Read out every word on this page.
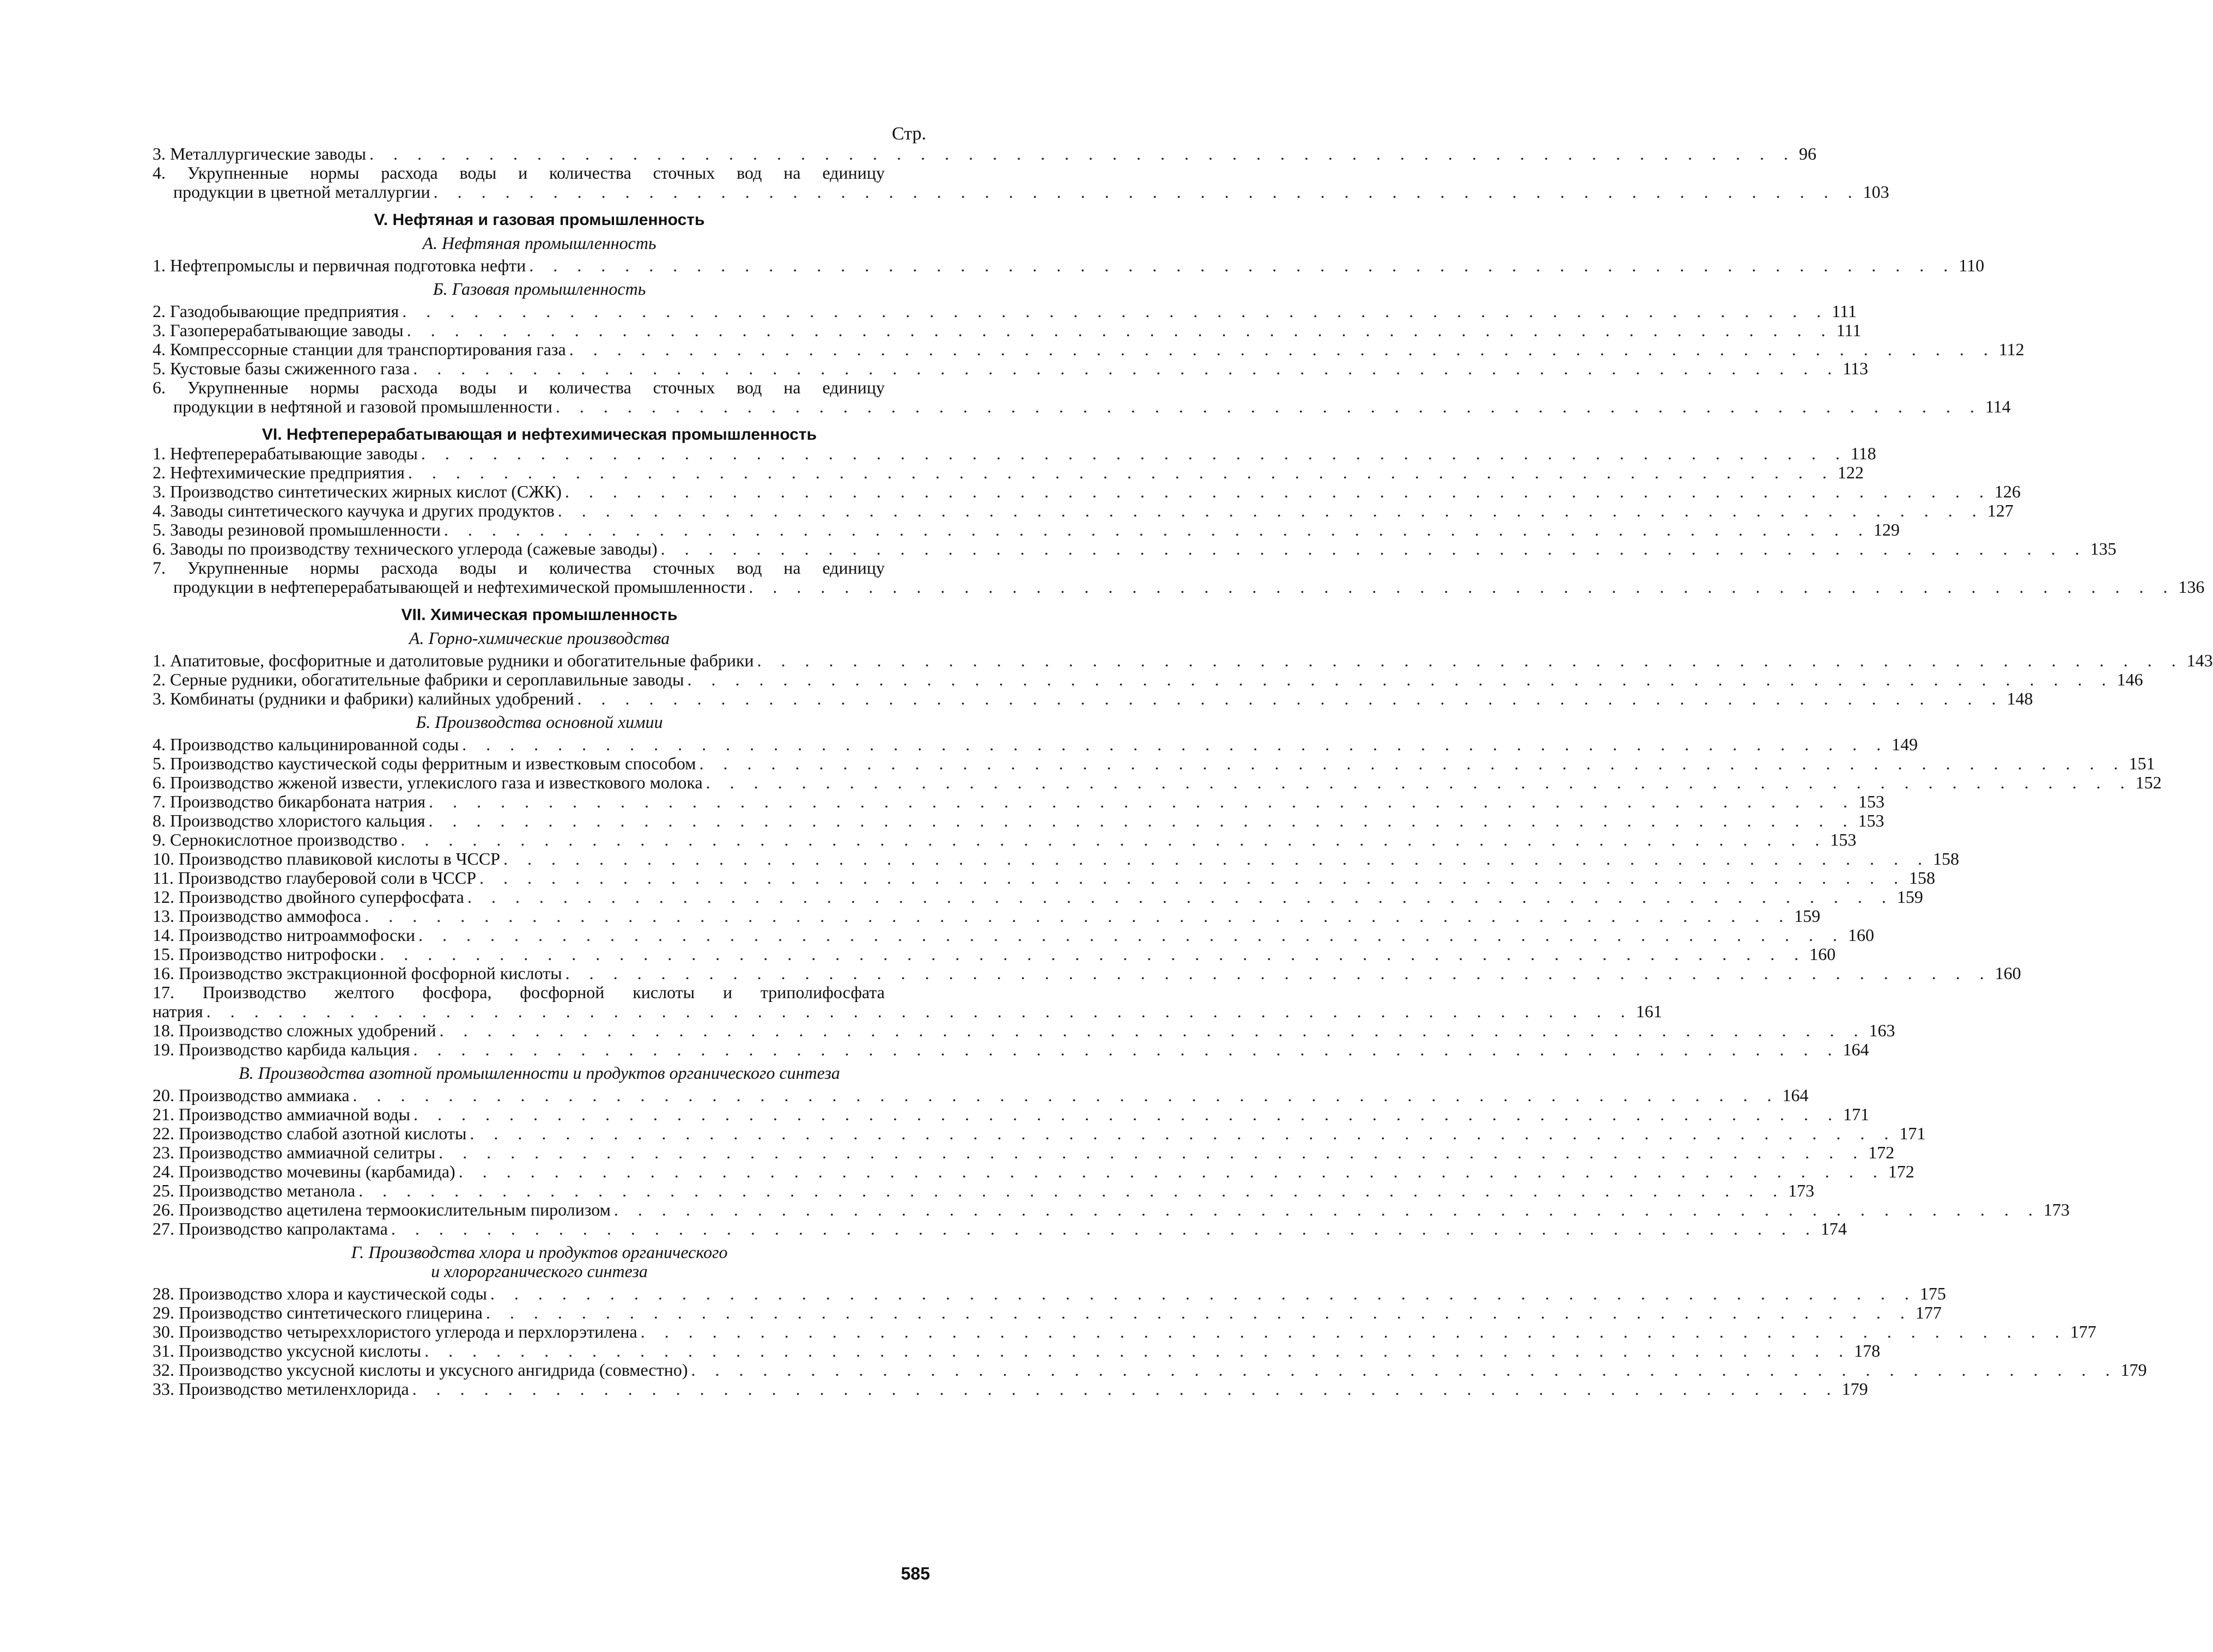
Стр.
3. Металлургические заводы . . . . . . . . . . . . . . . . . . . . . . . . . . . . . . . . . . . . . . . . . . . . . . . . . . . . . . . . . . . . 96
4. Укрупненные нормы расхода воды и количества сточных вод на единицу
продукции в цветной металлургии . . . . . . . . . . . . . . . . . . . . . . . . . . . . . . . . . . . . . . . . . . . . . . . . . . . . . . . . . . . . 103
V. Нефтяная и газовая промышленность
А. Нефтяная промышленность
1. Нефтепромыслы и первичная подготовка нефти . . . . . . . . . . . . . . . . . . . . . . . . . . . . . . . . . . . . . . . . . . . . . . . . . . . . . . . . . . . . 110
Б. Газовая промышленность
2. Газодобывающие предприятия . . . . . . . . . . . . . . . . . . . . . . . . . . . . . . . . . . . . . . . . . . . . . . . . . . . . . . . . . . . . 111
3. Газоперерабатывающие заводы . . . . . . . . . . . . . . . . . . . . . . . . . . . . . . . . . . . . . . . . . . . . . . . . . . . . . . . . . . . . 111
4. Компрессорные станции для транспортирования газа . . . . . . . . . . . . . . . . . . . . . . . . . . . . . . . . . . . . . . . . . . . . . . . . . . . . . . . . . . . . 112
5. Кустовые базы сжиженного газа . . . . . . . . . . . . . . . . . . . . . . . . . . . . . . . . . . . . . . . . . . . . . . . . . . . . . . . . . . . . 113
6. Укрупненные нормы расхода воды и количества сточных вод на единицу
продукции в нефтяной и газовой промышленности . . . . . . . . . . . . . . . . . . . . . . . . . . . . . . . . . . . . . . . . . . . . . . . . . . . . . . . . . . . . 114
VI. Нефтеперерабатывающая и нефтехимическая промышленность
1. Нефтеперерабатывающие заводы . . . . . . . . . . . . . . . . . . . . . . . . . . . . . . . . . . . . . . . . . . . . . . . . . . . . . . . . . . . . 118
2. Нефтехимические предприятия . . . . . . . . . . . . . . . . . . . . . . . . . . . . . . . . . . . . . . . . . . . . . . . . . . . . . . . . . . . . 122
3. Производство синтетических жирных кислот (СЖК) . . . . . . . . . . . . . . . . . . . . . . . . . . . . . . . . . . . . . . . . . . . . . . . . . . . . . . . . . . . . 126
4. Заводы синтетического каучука и других продуктов . . . . . . . . . . . . . . . . . . . . . . . . . . . . . . . . . . . . . . . . . . . . . . . . . . . . . . . . . . . . 127
5. Заводы резиновой промышленности . . . . . . . . . . . . . . . . . . . . . . . . . . . . . . . . . . . . . . . . . . . . . . . . . . . . . . . . . . . . 129
6. Заводы по производству технического углерода (сажевые заводы) . . . . . . . . . . . . . . . . . . . . . . . . . . . . . . . . . . . . . . . . . . . . . . . . . . . . . . . . . . . . 135
7. Укрупненные нормы расхода воды и количества сточных вод на единицу
продукции в нефтеперерабатывающей и нефтехимической промышленности . . . . . . . . . . . . . . . . . . . . . . . . . . . . . . . . . . . . . . . . . . . . . . . . . . . . . . . . . . . . 136
VII. Химическая промышленность
А. Горно-химические производства
1. Апатитовые, фосфоритные и датолитовые рудники и обогатительные фабрики . . . . . . . . . . . . . . . . . . . . . . . . . . . . . . . . . . . . . . . . . . . . . . . . . . . . . . . . . . . . 143
2. Серные рудники, обогатительные фабрики и сероплавильные заводы . . . . . . . . . . . . . . . . . . . . . . . . . . . . . . . . . . . . . . . . . . . . . . . . . . . . . . . . . . . . 146
3. Комбинаты (рудники и фабрики) калийных удобрений . . . . . . . . . . . . . . . . . . . . . . . . . . . . . . . . . . . . . . . . . . . . . . . . . . . . . . . . . . . . 148
Б. Производства основной химии
4. Производство кальцинированной соды . . . . . . . . . . . . . . . . . . . . . . . . . . . . . . . . . . . . . . . . . . . . . . . . . . . . . . . . . . . . 149
5. Производство каустической соды ферритным и известковым способом . . . . . . . . . . . . . . . . . . . . . . . . . . . . . . . . . . . . . . . . . . . . . . . . . . . . . . . . . . . . 151
6. Производство жженой извести, углекислого газа и известкового молока . . . . . . . . . . . . . . . . . . . . . . . . . . . . . . . . . . . . . . . . . . . . . . . . . . . . . . . . . . . . 152
7. Производство бикарбоната натрия . . . . . . . . . . . . . . . . . . . . . . . . . . . . . . . . . . . . . . . . . . . . . . . . . . . . . . . . . . . . 153
8. Производство хлористого кальция . . . . . . . . . . . . . . . . . . . . . . . . . . . . . . . . . . . . . . . . . . . . . . . . . . . . . . . . . . . . 153
9. Сернокислотное производство . . . . . . . . . . . . . . . . . . . . . . . . . . . . . . . . . . . . . . . . . . . . . . . . . . . . . . . . . . . . 153
10. Производство плавиковой кислоты в ЧССР . . . . . . . . . . . . . . . . . . . . . . . . . . . . . . . . . . . . . . . . . . . . . . . . . . . . . . . . . . . . 158
11. Производство глауберовой соли в ЧССР . . . . . . . . . . . . . . . . . . . . . . . . . . . . . . . . . . . . . . . . . . . . . . . . . . . . . . . . . . . . 158
12. Производство двойного суперфосфата . . . . . . . . . . . . . . . . . . . . . . . . . . . . . . . . . . . . . . . . . . . . . . . . . . . . . . . . . . . . 159
13. Производство аммофоса . . . . . . . . . . . . . . . . . . . . . . . . . . . . . . . . . . . . . . . . . . . . . . . . . . . . . . . . . . . . 159
14. Производство нитроаммофоски . . . . . . . . . . . . . . . . . . . . . . . . . . . . . . . . . . . . . . . . . . . . . . . . . . . . . . . . . . . . 160
15. Производство нитрофоски . . . . . . . . . . . . . . . . . . . . . . . . . . . . . . . . . . . . . . . . . . . . . . . . . . . . . . . . . . . . 160
16. Производство экстракционной фосфорной кислоты . . . . . . . . . . . . . . . . . . . . . . . . . . . . . . . . . . . . . . . . . . . . . . . . . . . . . . . . . . . . 160
17. Производство желтого фосфора, фосфорной кислоты и триполифосфата
натрия . . . . . . . . . . . . . . . . . . . . . . . . . . . . . . . . . . . . . . . . . . . . . . . . . . . . . . . . . . . . 161
18. Производство сложных удобрений . . . . . . . . . . . . . . . . . . . . . . . . . . . . . . . . . . . . . . . . . . . . . . . . . . . . . . . . . . . . 163
19. Производство карбида кальция . . . . . . . . . . . . . . . . . . . . . . . . . . . . . . . . . . . . . . . . . . . . . . . . . . . . . . . . . . . . 164
В. Производства азотной промышленности и продуктов органического синтеза
20. Производство аммиака . . . . . . . . . . . . . . . . . . . . . . . . . . . . . . . . . . . . . . . . . . . . . . . . . . . . . . . . . . . . 164
21. Производство аммиачной воды . . . . . . . . . . . . . . . . . . . . . . . . . . . . . . . . . . . . . . . . . . . . . . . . . . . . . . . . . . . . 171
22. Производство слабой азотной кислоты . . . . . . . . . . . . . . . . . . . . . . . . . . . . . . . . . . . . . . . . . . . . . . . . . . . . . . . . . . . . 171
23. Производство аммиачной селитры . . . . . . . . . . . . . . . . . . . . . . . . . . . . . . . . . . . . . . . . . . . . . . . . . . . . . . . . . . . . 172
24. Производство мочевины (карбамида) . . . . . . . . . . . . . . . . . . . . . . . . . . . . . . . . . . . . . . . . . . . . . . . . . . . . . . . . . . . . 172
25. Производство метанола . . . . . . . . . . . . . . . . . . . . . . . . . . . . . . . . . . . . . . . . . . . . . . . . . . . . . . . . . . . . 173
26. Производство ацетилена термоокислительным пиролизом . . . . . . . . . . . . . . . . . . . . . . . . . . . . . . . . . . . . . . . . . . . . . . . . . . . . . . . . . . . . 173
27. Производство капролактама . . . . . . . . . . . . . . . . . . . . . . . . . . . . . . . . . . . . . . . . . . . . . . . . . . . . . . . . . . . . 174
Г. Производства хлора и продуктов органического
и хлорорганического синтеза
28. Производство хлора и каустической соды . . . . . . . . . . . . . . . . . . . . . . . . . . . . . . . . . . . . . . . . . . . . . . . . . . . . . . . . . . . . 175
29. Производство синтетического глицерина . . . . . . . . . . . . . . . . . . . . . . . . . . . . . . . . . . . . . . . . . . . . . . . . . . . . . . . . . . . . 177
30. Производство четыреххлористого углерода и перхлорэтилена . . . . . . . . . . . . . . . . . . . . . . . . . . . . . . . . . . . . . . . . . . . . . . . . . . . . . . . . . . . . 177
31. Производство уксусной кислоты . . . . . . . . . . . . . . . . . . . . . . . . . . . . . . . . . . . . . . . . . . . . . . . . . . . . . . . . . . . . 178
32. Производство уксусной кислоты и уксусного ангидрида (совместно) . . . . . . . . . . . . . . . . . . . . . . . . . . . . . . . . . . . . . . . . . . . . . . . . . . . . . . . . . . . . 179
33. Производство метиленхлорида . . . . . . . . . . . . . . . . . . . . . . . . . . . . . . . . . . . . . . . . . . . . . . . . . . . . . . . . . . . . 179
585
